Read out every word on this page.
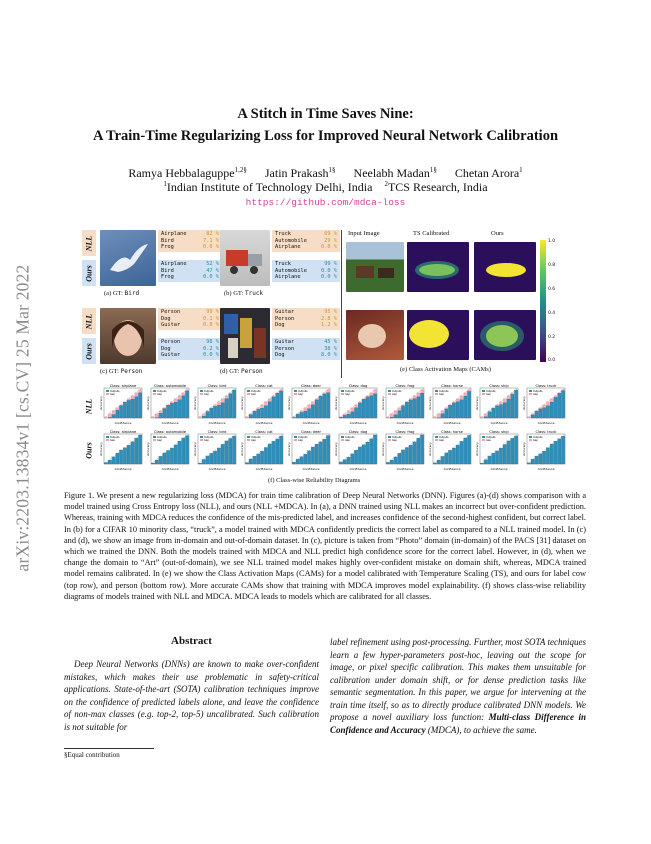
arXiv:2203.13834v1 [cs.CV] 25 Mar 2022
A Stitch in Time Saves Nine:
A Train-Time Regularizing Loss for Improved Neural Network Calibration
Ramya Hebbalaguppe$^{1,2\S}$ Jatin Prakash$^{1\S}$ Neelabh Madan$^{1\S}$ Chetan Arora$^1$
$^1$Indian Institute of Technology Delhi, India $^2$TCS Research, India
https://github.com/mdca-loss
NLL
Ours
Airplane	82 %
Bird	7.1 %
Frog	0.0 %
Airplane	52 %
Bird	47 %
Frog	0.0 %
(a) GT: Bird
Truck	69 %
Automobile	29 %
Airplane	0.0 %
Truck	99 %
Automobile	0.0 %
Airplane	0.0 %
(b) GT: Truck
NLL
Ours
Person	99 %
Dog	0.1 %
Guitar	0.0 %
Person	98 %
Dog	0.2 %
Guitar	0.0 %
(c) GT: Person
Guitar	95 %
Person	2.8 %
Dog	1.2 %
Guitar	45 %
Person	38 %
Dog	8.0 %
(d) GT: Person
Input Image	TS Calibrated	Ours
1.0
0.8
0.6
0.4
0.2
0.0
(e) Class Activation Maps (CAMs)
NLL
Ours
Class: airplane
Outputs
Gap
Confidence
Accuracy
Class: automobile
Outputs
Gap
Confidence
Accuracy
Class: bird
Outputs
Gap
Confidence
Accuracy
Class: cat
Outputs
Gap
Confidence
Accuracy
Class: deer
Outputs
Gap
Confidence
Accuracy
Class: dog
Outputs
Gap
Confidence
Accuracy
Class: frog
Outputs
Gap
Confidence
Accuracy
Class: horse
Outputs
Gap
Confidence
Accuracy
Class: ship
Outputs
Gap
Confidence
Accuracy
Class: truck
Outputs
Gap
Confidence
Accuracy
Class: airplane
Outputs
Gap
Confidence
Accuracy
Class: automobile
Outputs
Gap
Confidence
Accuracy
Class: bird
Outputs
Gap
Confidence
Accuracy
Class: cat
Outputs
Gap
Confidence
Accuracy
Class: deer
Outputs
Gap
Confidence
Accuracy
Class: dog
Outputs
Gap
Confidence
Accuracy
Class: frog
Outputs
Gap
Confidence
Accuracy
Class: horse
Outputs
Gap
Confidence
Accuracy
Class: ship
Outputs
Gap
Confidence
Accuracy
Class: truck
Outputs
Gap
Confidence
Accuracy
(f) Class-wise Reliability Diagrams
Figure 1. We present a new regularizing loss (MDCA) for train time calibration of Deep Neural Networks (DNN). Figures (a)-(d) shows comparison with a model trained using Cross Entropy loss (NLL), and ours (NLL +MDCA). In (a), a DNN trained using NLL makes an incorrect but over-confident prediction. Whereas, training with MDCA reduces the confidence of the mis-predicted label, and increases confidence of the second-highest confident, but correct label. In (b) for a CIFAR 10 minority class, “truck”, a model trained with MDCA confidently predicts the correct label as compared to a NLL trained model. In (c) and (d), we show an image from in-domain and out-of-domain dataset. In (c), picture is taken from “Photo” domain (in-domain) of the PACS [31] dataset on which we trained the DNN. Both the models trained with MDCA and NLL predict high confidence score for the correct label. However, in (d), when we change the domain to “Art” (out-of-domain), we see NLL trained model makes highly over-confident mistake on domain shift, whereas, MDCA trained model remains calibrated. In (e) we show the Class Activation Maps (CAMs) for a model calibrated with Temperature Scaling (TS), and ours for label cow (top row), and person (bottom row). More accurate CAMs show that training with MDCA improves model explainability. (f) shows class-wise reliability diagrams of models trained with NLL and MDCA. MDCA leads to models which are calibrated for all classes.
Abstract
Deep Neural Networks (DNNs) are known to make over-confident mistakes, which makes their use problematic in safety-critical applications. State-of-the-art (SOTA) calibration techniques improve on the confidence of predicted labels alone, and leave the confidence of non-max classes (e.g. top-2, top-5) uncalibrated. Such calibration is not suitable for
label refinement using post-processing. Further, most SOTA techniques learn a few hyper-parameters post-hoc, leaving out the scope for image, or pixel specific calibration. This makes them unsuitable for calibration under domain shift, or for dense prediction tasks like semantic segmentation. In this paper, we argue for intervening at the train time itself, so as to directly produce calibrated DNN models. We propose a novel auxiliary loss function: Multi-class Difference in Confidence and Accuracy (MDCA), to achieve the same.
§Equal contribution
